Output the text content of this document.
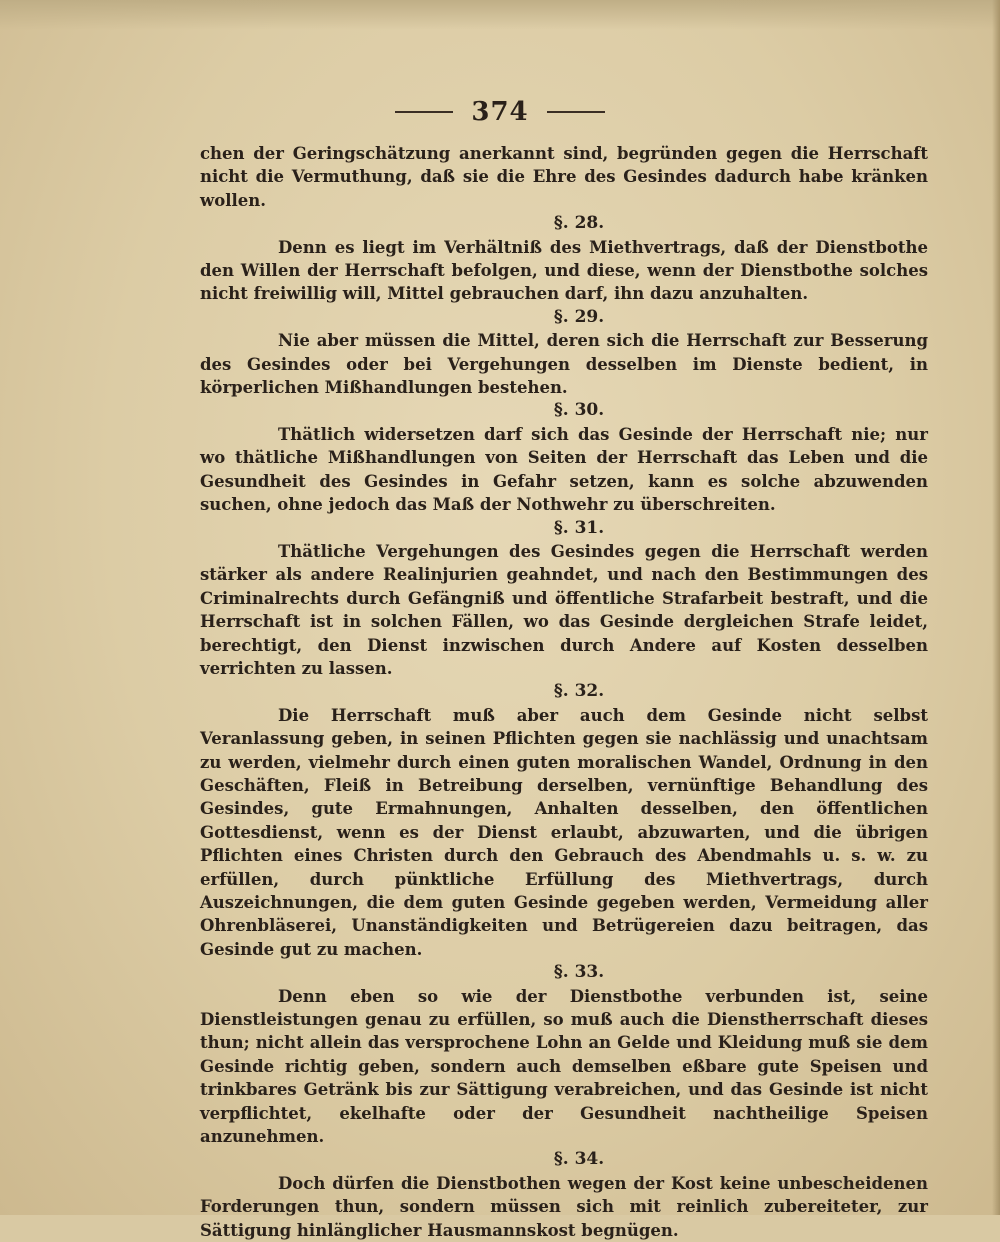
374

chen der Geringschätzung anerkannt sind, begründen gegen die Herrschaft nicht die Vermuthung, daß sie die Ehre des Gesindes dadurch habe kränken wollen.

§. 28.

Denn es liegt im Verhältniß des Miethvertrags, daß der Dienstbothe den Willen der Herrschaft befolgen, und diese, wenn der Dienstbothe solches nicht freiwillig will, Mittel gebrauchen darf, ihn dazu anzuhalten.

§. 29.

Nie aber müssen die Mittel, deren sich die Herrschaft zur Besserung des Gesindes oder bei Vergehungen desselben im Dienste bedient, in körperlichen Mißhandlungen bestehen.

§. 30.

Thätlich widersetzen darf sich das Gesinde der Herrschaft nie; nur wo thätliche Mißhandlungen von Seiten der Herrschaft das Leben und die Gesundheit des Gesindes in Gefahr setzen, kann es solche abzuwenden suchen, ohne jedoch das Maß der Nothwehr zu überschreiten.

§. 31.

Thätliche Vergehungen des Gesindes gegen die Herrschaft werden stärker als andere Realinjurien geahndet, und nach den Bestimmungen des Criminalrechts durch Gefängniß und öffentliche Strafarbeit bestraft, und die Herrschaft ist in solchen Fällen, wo das Gesinde dergleichen Strafe leidet, berechtigt, den Dienst inzwischen durch Andere auf Kosten desselben verrichten zu lassen.

§. 32.

Die Herrschaft muß aber auch dem Gesinde nicht selbst Veranlassung geben, in seinen Pflichten gegen sie nachlässig und unachtsam zu werden, vielmehr durch einen guten moralischen Wandel, Ordnung in den Geschäften, Fleiß in Betreibung derselben, vernünftige Behandlung des Gesindes, gute Ermahnungen, Anhalten desselben, den öffentlichen Gottesdienst, wenn es der Dienst erlaubt, abzuwarten, und die übrigen Pflichten eines Christen durch den Gebrauch des Abendmahls u. s. w. zu erfüllen, durch pünktliche Erfüllung des Miethvertrags, durch Auszeichnungen, die dem guten Gesinde gegeben werden, Vermeidung aller Ohrenbläserei, Unanständigkeiten und Betrügereien dazu beitragen, das Gesinde gut zu machen.

§. 33.

Denn eben so wie der Dienstbothe verbunden ist, seine Dienstleistungen genau zu erfüllen, so muß auch die Dienstherrschaft dieses thun; nicht allein das versprochene Lohn an Gelde und Kleidung muß sie dem Gesinde richtig geben, sondern auch demselben eßbare gute Speisen und trinkbares Getränk bis zur Sättigung verabreichen, und das Gesinde ist nicht verpflichtet, ekelhafte oder der Gesundheit nachtheilige Speisen anzunehmen.

§. 34.

Doch dürfen die Dienstbothen wegen der Kost keine unbescheidenen Forderungen thun, sondern müssen sich mit reinlich zubereiteter, zur Sättigung hinlänglicher Hausmannskost begnügen.
